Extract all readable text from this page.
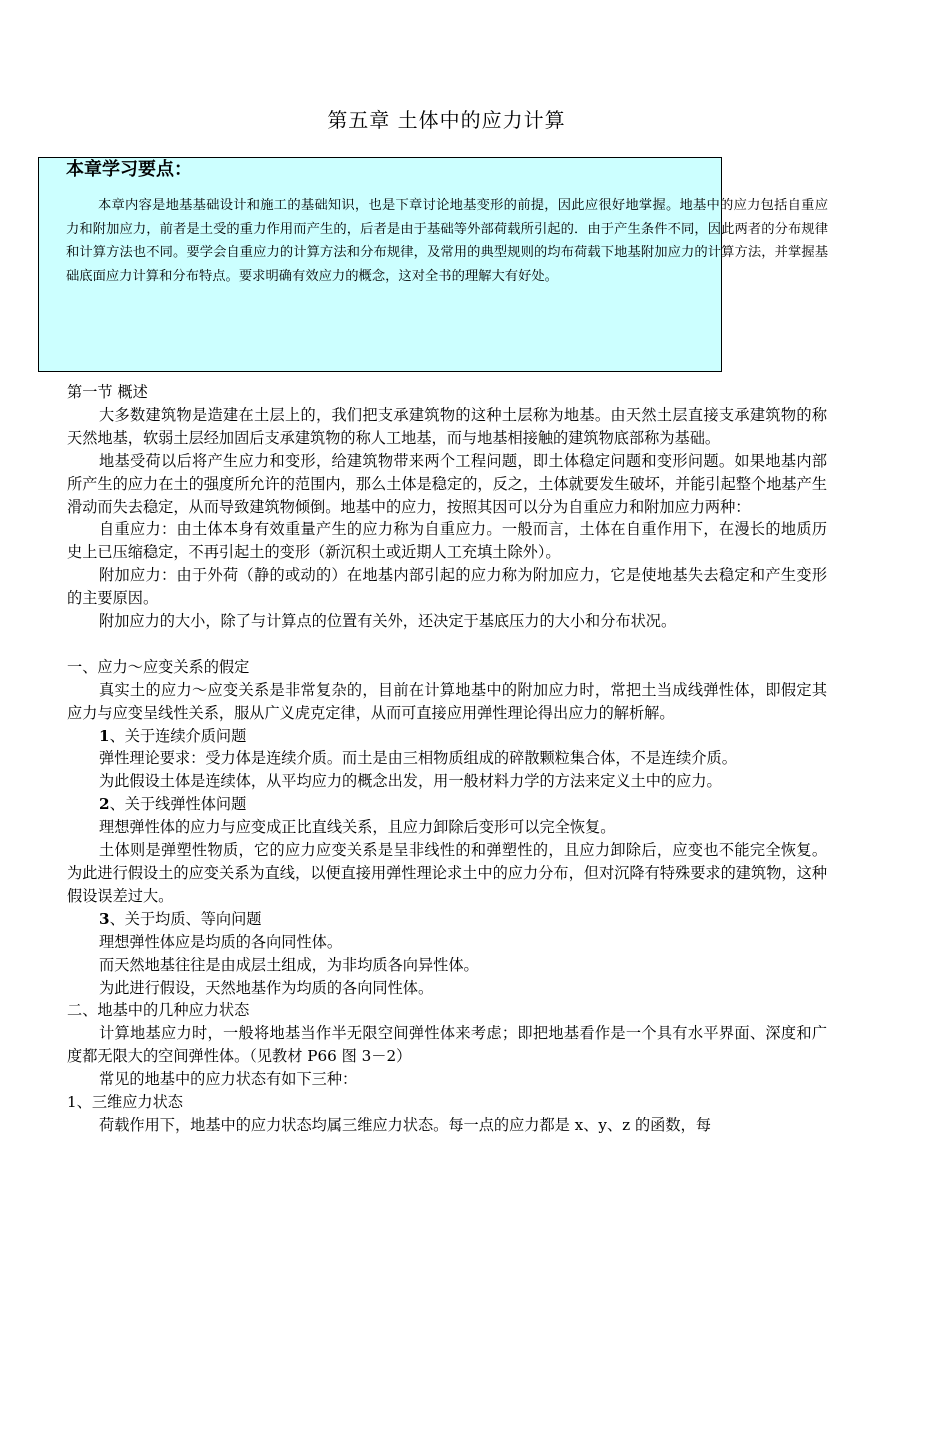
第五章 土体中的应力计算
本章学习要点：
本章内容是地基基础设计和施工的基础知识，也是下章讨论地基变形的前提，因此应很好地掌握。地基中的应力包括自重应力和附加应力，前者是土受的重力作用而产生的，后者是由于基础等外部荷载所引起的．由于产生条件不同，因此两者的分布规律和计算方法也不同。要学会自重应力的计算方法和分布规律，及常用的典型规则的均布荷载下地基附加应力的计算方法，并掌握基础底面应力计算和分布特点。要求明确有效应力的概念，这对全书的理解大有好处。

第一节 概述

大多数建筑物是造建在土层上的，我们把支承建筑物的这种土层称为地基。由天然土层直接支承建筑物的称天然地基，软弱土层经加固后支承建筑物的称人工地基，而与地基相接触的建筑物底部称为基础。

地基受荷以后将产生应力和变形，给建筑物带来两个工程问题，即土体稳定问题和变形问题。如果地基内部所产生的应力在土的强度所允许的范围内，那么土体是稳定的，反之，土体就要发生破坏，并能引起整个地基产生滑动而失去稳定，从而导致建筑物倾倒。地基中的应力，按照其因可以分为自重应力和附加应力两种：

自重应力：由土体本身有效重量产生的应力称为自重应力。一般而言，土体在自重作用下，在漫长的地质历史上已压缩稳定，不再引起土的变形（新沉积土或近期人工充填土除外）。

附加应力：由于外荷（静的或动的）在地基内部引起的应力称为附加应力，它是使地基失去稳定和产生变形的主要原因。

附加应力的大小，除了与计算点的位置有关外，还决定于基底压力的大小和分布状况。

一、应力～应变关系的假定

真实土的应力～应变关系是非常复杂的，目前在计算地基中的附加应力时，常把土当成线弹性体，即假定其应力与应变呈线性关系，服从广义虎克定律，从而可直接应用弹性理论得出应力的解析解。

1、关于连续介质问题

弹性理论要求：受力体是连续介质。而土是由三相物质组成的碎散颗粒集合体，不是连续介质。

为此假设土体是连续体，从平均应力的概念出发，用一般材料力学的方法来定义土中的应力。

2、关于线弹性体问题

理想弹性体的应力与应变成正比直线关系，且应力卸除后变形可以完全恢复。

土体则是弹塑性物质，它的应力应变关系是呈非线性的和弹塑性的，且应力卸除后，应变也不能完全恢复。为此进行假设土的应变关系为直线，以便直接用弹性理论求土中的应力分布，但对沉降有特殊要求的建筑物，这种假设误差过大。

3、关于均质、等向问题

理想弹性体应是均质的各向同性体。

而天然地基往往是由成层土组成，为非均质各向异性体。

为此进行假设，天然地基作为均质的各向同性体。

二、地基中的几种应力状态

计算地基应力时，一般将地基当作半无限空间弹性体来考虑；即把地基看作是一个具有水平界面、深度和广度都无限大的空间弹性体。（见教材 P66 图 3－2）

常见的地基中的应力状态有如下三种：

1、三维应力状态

荷载作用下，地基中的应力状态均属三维应力状态。每一点的应力都是 x、y、z 的函数，每
